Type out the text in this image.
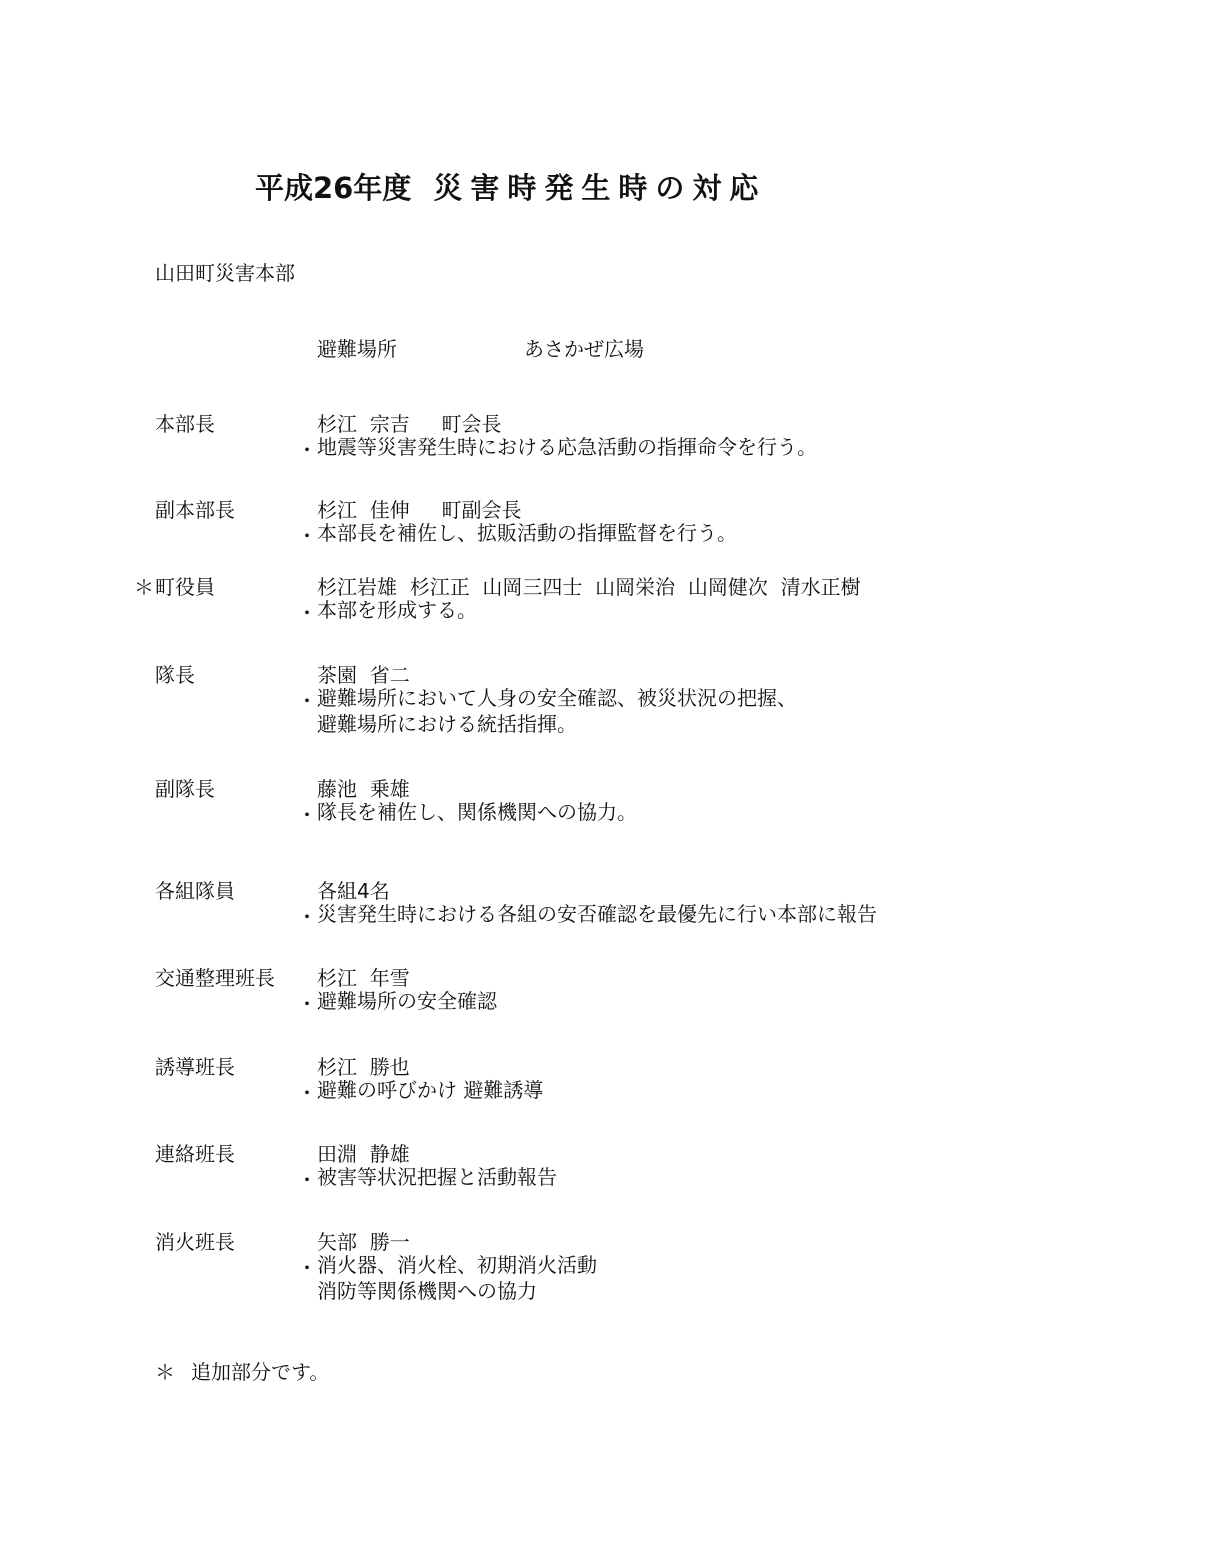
平成26年度 災害時発生時の対応
山田町災害本部
避難場所	あさかぜ広場
本部長	杉江  宗吉     町会長
・ 地震等災害発生時における応急活動の指揮命令を行う。
副本部長	杉江  佳伸     町副会長
・ 本部長を補佐し、拡販活動の指揮監督を行う。
＊ 町役員	杉江岩雄  杉江正  山岡三四士  山岡栄治  山岡健次  清水正樹
・ 本部を形成する。
隊長	茶園  省二
・ 避難場所において人身の安全確認、被災状況の把握、
避難場所における統括指揮。
副隊長	藤池  乗雄
・ 隊長を補佐し、関係機関への協力。
各組隊員	各組4名
・ 災害発生時における各組の安否確認を最優先に行い本部に報告
交通整理班長 杉江  年雪
・ 避難場所の安全確認
誘導班長	杉江  勝也
・ 避難の呼びかけ 避難誘導
連絡班長	田淵  静雄
・ 被害等状況把握と活動報告
消火班長	矢部  勝一
・ 消火器、消火栓、初期消火活動
消防等関係機関への協力
＊ 追加部分です。
